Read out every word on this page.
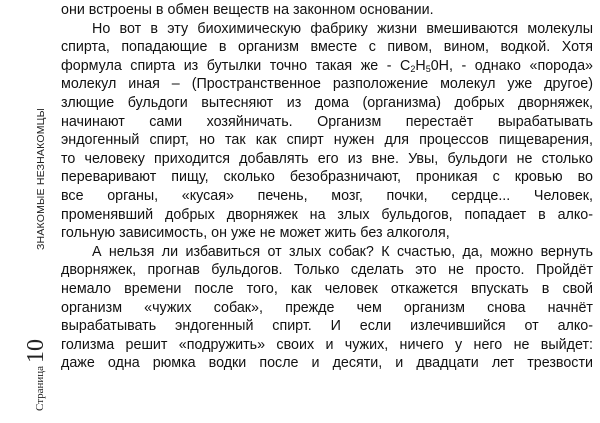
ЗНАКОМЫЕ НЕЗНАКОМЦЫ
Страница
10
они встроены в обмен веществ на законном основании.
Но вот в эту биохимическую фабрику жизни вмешиваются молекулы
спирта, попадающие в организм вместе с пивом, вином, водкой. Хотя
формула спирта из бутылки точно такая же - $C_2H_50H$, - однако «порода»
молекул иная – (Пространственное разположение молекул уже другое)
злющие бульдоги вытесняют из дома (организма) добрых дворняжек,
начинают сами хозяйничать. Организм перестаёт вырабатывать
эндогенный спирт, но так как спирт нужен для процессов пищеварения,
то человеку приходится добавлять его из вне. Увы, бульдоги не столько
переваривают пищу, сколько безобразничают, проникая с кровью во
все органы, «кусая» печень, мозг, почки, сердце... Человек,
променявший добрых дворняжек на злых бульдогов, попадает в алко-
гольную зависимость, он уже не может жить без алкоголя,
А нельзя ли избавиться от злых собак? К счастью, да, можно вернуть
дворняжек, прогнав бульдогов. Только сделать это не просто. Пройдёт
немало времени после того, как человек откажется впускать в свой
организм «чужих собак», прежде чем организм снова начнёт
вырабатывать эндогенный спирт. И если излечившийся от алко-
голизма решит «подружить» своих и чужих, ничего у него не выйдет:
даже одна рюмка водки после и десяти, и двадцати лет трезвости
